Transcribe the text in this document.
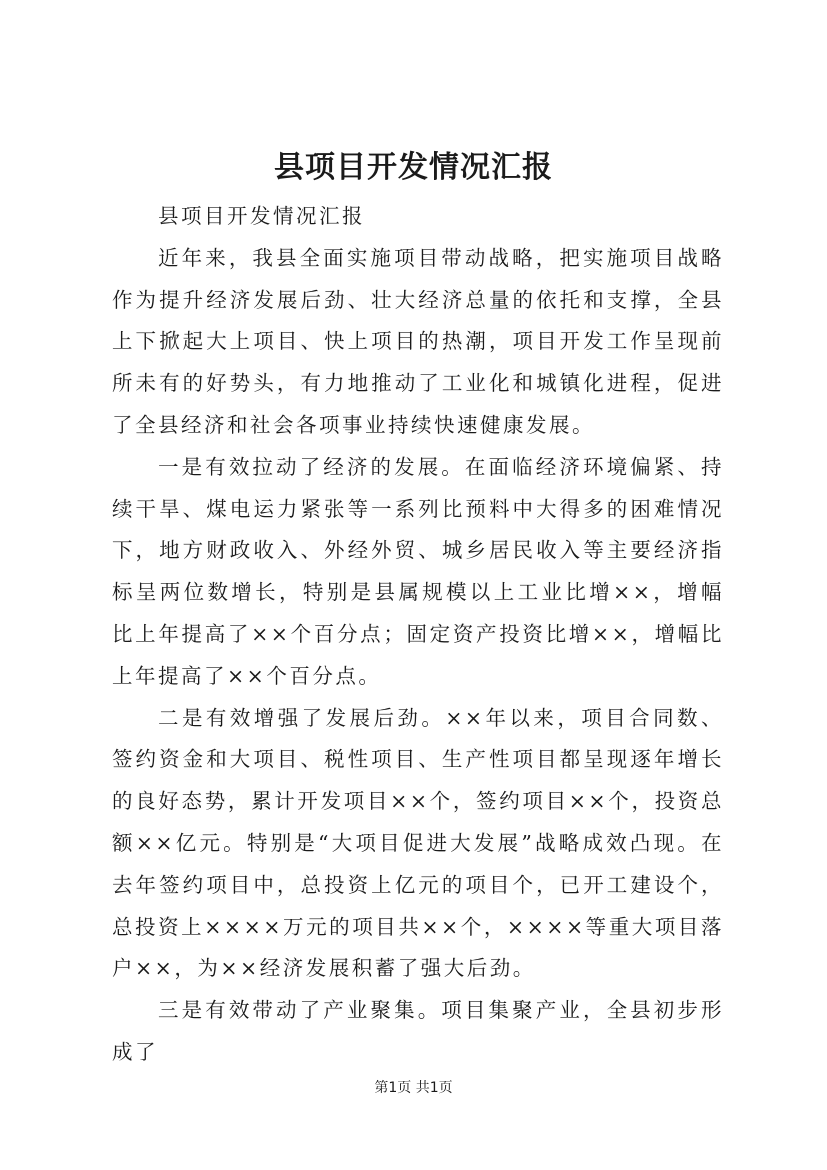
县项目开发情况汇报

县项目开发情况汇报

近年来，我县全面实施项目带动战略，把实施项目战略作为提升经济发展后劲、壮大经济总量的依托和支撑，全县上下掀起大上项目、快上项目的热潮，项目开发工作呈现前所未有的好势头，有力地推动了工业化和城镇化进程，促进了全县经济和社会各项事业持续快速健康发展。

一是有效拉动了经济的发展。在面临经济环境偏紧、持续干旱、煤电运力紧张等一系列比预料中大得多的困难情况下，地方财政收入、外经外贸、城乡居民收入等主要经济指标呈两位数增长，特别是县属规模以上工业比增××，增幅比上年提高了××个百分点；固定资产投资比增××，增幅比上年提高了××个百分点。

二是有效增强了发展后劲。××年以来，项目合同数、签约资金和大项目、税性项目、生产性项目都呈现逐年增长的良好态势，累计开发项目××个，签约项目××个，投资总额××亿元。特别是“大项目促进大发展”战略成效凸现。在去年签约项目中，总投资上亿元的项目个，已开工建设个，总投资上××××万元的项目共××个，××××等重大项目落户××，为××经济发展积蓄了强大后劲。

三是有效带动了产业聚集。项目集聚产业，全县初步形成了

第1页 共1页
